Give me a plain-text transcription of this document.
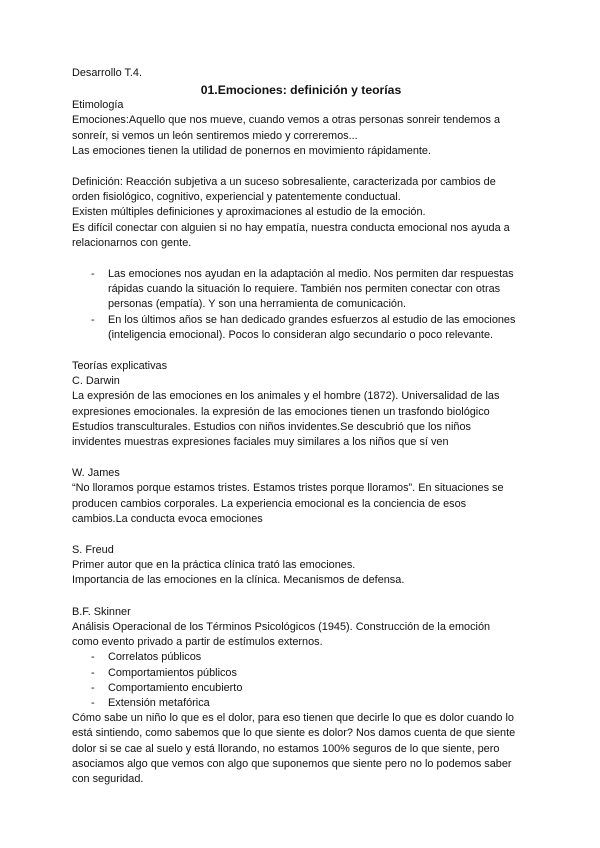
Desarrollo T.4.

01.Emociones: definición y teorías

Etimología

Emociones:Aquello que nos mueve, cuando vemos a otras personas sonreir tendemos a

sonreír, si vemos un león sentiremos miedo y correremos...

Las emociones tienen la utilidad de ponernos en movimiento rápidamente.

Definición: Reacción subjetiva a un suceso sobresaliente, caracterizada por cambios de

orden fisiológico, cognitivo, experiencial y patentemente conductual.

Existen múltiples definiciones y aproximaciones al estudio de la emoción.

Es difícil conectar con alguien si no hay empatía, nuestra conducta emocional nos ayuda a

relacionarnos con gente.

- Las emociones nos ayudan en la adaptación al medio. Nos permiten dar respuestas

rápidas cuando la situación lo requiere. También nos permiten conectar con otras

personas (empatía). Y son una herramienta de comunicación.

- En los últimos años se han dedicado grandes esfuerzos al estudio de las emociones

(inteligencia emocional). Pocos lo consideran algo secundario o poco relevante.

Teorías explicativas

C. Darwin

La expresión de las emociones en los animales y el hombre (1872). Universalidad de las

expresiones emocionales. la expresión de las emociones tienen un trasfondo biológico

Estudios transculturales. Estudios con niños invidentes.Se descubrió que los niños

invidentes muestras expresiones faciales muy similares a los niños que sí ven

W. James

“No lloramos porque estamos tristes. Estamos tristes porque lloramos”. En situaciones se

producen cambios corporales. La experiencia emocional es la conciencia de esos

cambios.La conducta evoca emociones

S. Freud

Primer autor que en la práctica clínica trató las emociones.

Importancia de las emociones en la clínica. Mecanismos de defensa.

B.F. Skinner

Análisis Operacional de los Términos Psicológicos (1945). Construcción de la emoción

como evento privado a partir de estímulos externos.

- Correlatos públicos
- Comportamientos públicos
- Comportamiento encubierto
- Extensión metafórica

Cómo sabe un niño lo que es el dolor, para eso tienen que decirle lo que es dolor cuando lo

está sintiendo, como sabemos que lo que siente es dolor? Nos damos cuenta de que siente

dolor si se cae al suelo y está llorando, no estamos 100% seguros de lo que siente, pero

asociamos algo que vemos con algo que suponemos que siente pero no lo podemos saber

con seguridad.
